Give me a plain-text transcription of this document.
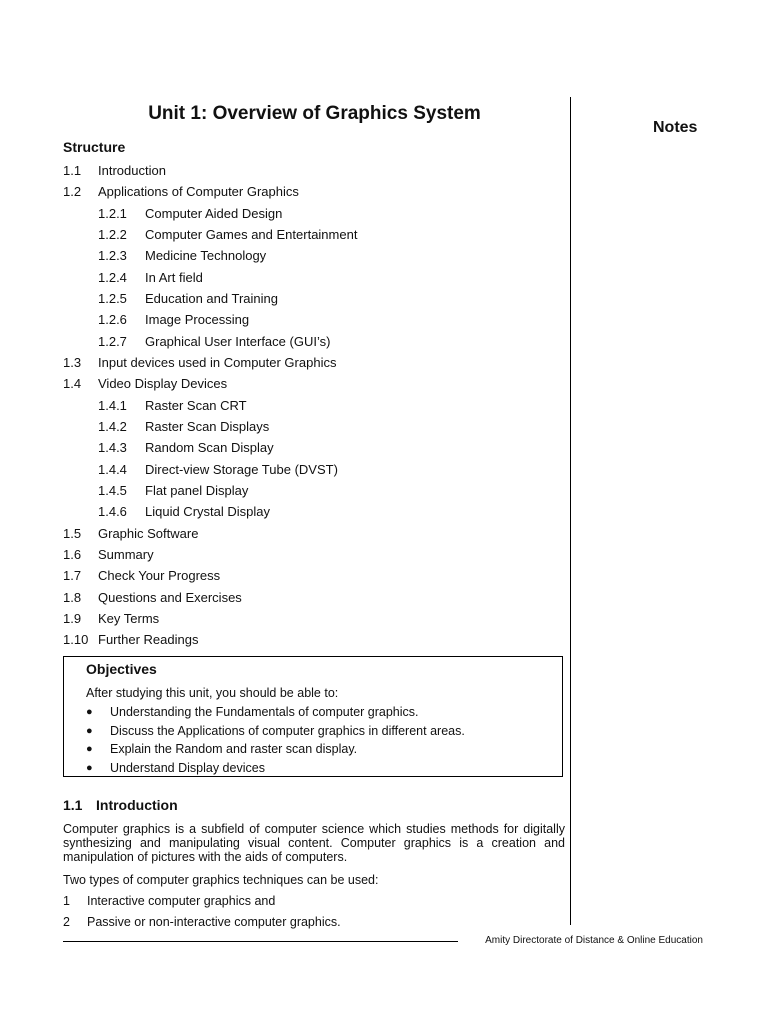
Unit 1: Overview of Graphics System
Notes
Structure
1.1 Introduction
1.2 Applications of Computer Graphics
1.2.1 Computer Aided Design
1.2.2 Computer Games and Entertainment
1.2.3 Medicine Technology
1.2.4 In Art field
1.2.5 Education and Training
1.2.6 Image Processing
1.2.7 Graphical User Interface (GUI’s)
1.3 Input devices used in Computer Graphics
1.4 Video Display Devices
1.4.1 Raster Scan CRT
1.4.2 Raster Scan Displays
1.4.3 Random Scan Display
1.4.4 Direct-view Storage Tube (DVST)
1.4.5 Flat panel Display
1.4.6 Liquid Crystal Display
1.5 Graphic Software
1.6 Summary
1.7 Check Your Progress
1.8 Questions and Exercises
1.9 Key Terms
1.10 Further Readings
Objectives
After studying this unit, you should be able to:
● Understanding the Fundamentals of computer graphics.
● Discuss the Applications of computer graphics in different areas.
● Explain the Random and raster scan display.
● Understand Display devices
1.1 Introduction
Computer graphics is a subfield of computer science which studies methods for digitally synthesizing and manipulating visual content. Computer graphics is a creation and manipulation of pictures with the aids of computers.
Two types of computer graphics techniques can be used:
1 Interactive computer graphics and
2 Passive or non-interactive computer graphics.
Amity Directorate of Distance & Online Education
